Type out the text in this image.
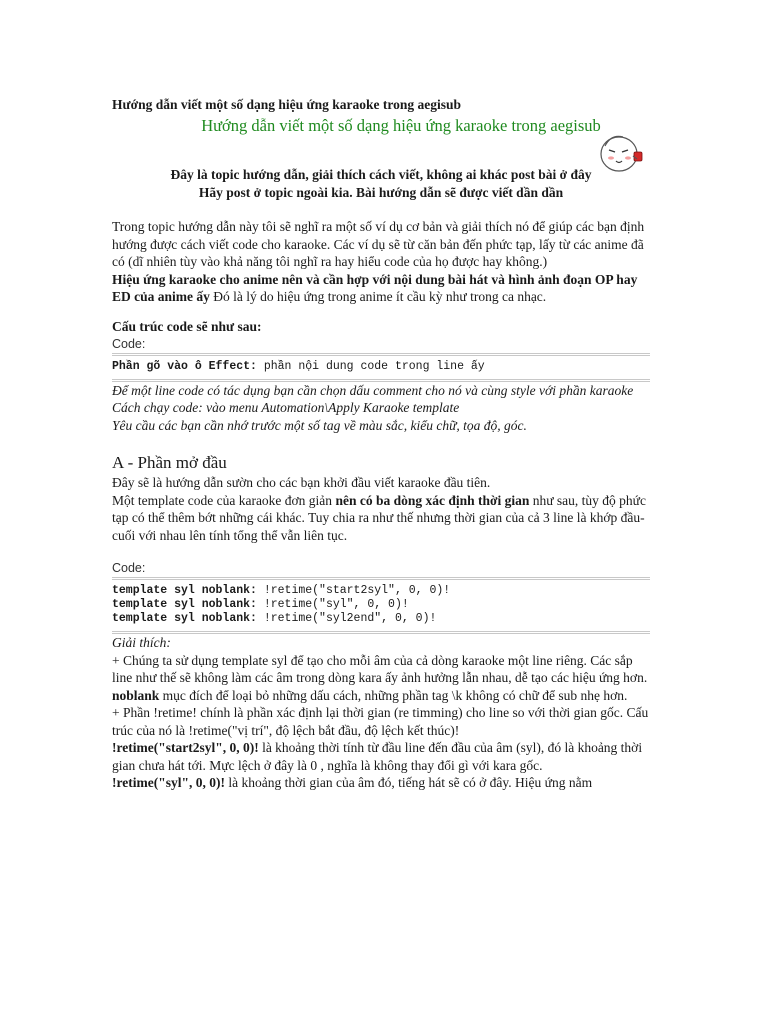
Hướng dẫn viết một số dạng hiệu ứng karaoke trong aegisub
Hướng dẫn viết một số dạng hiệu ứng karaoke trong aegisub
Đây là topic hướng dẫn, giải thích cách viết, không ai khác post bài ở đây
Hãy post ở topic ngoài kia. Bài hướng dẫn sẽ được viết dần dần

Trong topic hướng dẫn này tôi sẽ nghĩ ra một số ví dụ cơ bản và giải thích nó để giúp các bạn định hướng được cách viết code cho karaoke. Các ví dụ sẽ từ căn bản đến phức tạp, lấy từ các anime đã có (dĩ nhiên tùy vào khả năng tôi nghĩ ra hay hiểu code của họ được hay không.)

Hiệu ứng karaoke cho anime nên và cần hợp với nội dung bài hát và hình ảnh đoạn OP hay ED của anime ấy Đó là lý do hiệu ứng trong anime ít cầu kỳ như trong ca nhạc.

Cấu trúc code sẽ như sau:
Code:
Phần gõ vào ô Effect: phần nội dung code trong line ấy

Để một line code có tác dụng bạn cần chọn dấu comment cho nó và cùng style với phần karaoke

Cách chạy code: vào menu Automation\Apply Karaoke template

Yêu cầu các bạn cần nhớ trước một số tag về màu sắc, kiểu chữ, tọa độ, góc.

A - Phần mở đầu

Đây sẽ là hướng dẫn sườn cho các bạn khởi đầu viết karaoke đầu tiên.

Một template code của karaoke đơn giản nên có ba dòng xác định thời gian như sau, tùy độ phức tạp có thể thêm bớt những cái khác. Tuy chia ra như thế nhưng thời gian của cả 3 line là khớp đầu-cuối với nhau lên tính tổng thể vẫn liên tục.

Code:
template syl noblank: !retime("start2syl", 0, 0)!
template syl noblank: !retime("syl", 0, 0)!
template syl noblank: !retime("syl2end", 0, 0)!

Giải thích:

+ Chúng ta sử dụng template syl để tạo cho mỗi âm của cả dòng karaoke một line riêng. Các sắp line như thế sẽ không làm các âm trong dòng kara ấy ảnh hưởng lẫn nhau, dễ tạo các hiệu ứng hơn.

noblank mục đích để loại bỏ những dấu cách, những phần tag \k không có chữ để sub nhẹ hơn.

+ Phần !retime! chính là phần xác định lại thời gian (re timming) cho line so với thời gian gốc. Cấu trúc của nó là !retime("vị trí", độ lệch bắt đầu, độ lệch kết thúc)!

!retime("start2syl", 0, 0)! là khoảng thời tính từ đầu line đến đầu của âm (syl), đó là khoảng thời gian chưa hát tới. Mực lệch ở đây là 0 , nghĩa là không thay đổi gì với kara gốc.

!retime("syl", 0, 0)! là khoảng thời gian của âm đó, tiếng hát sẽ có ở đây. Hiệu ứng nằm
